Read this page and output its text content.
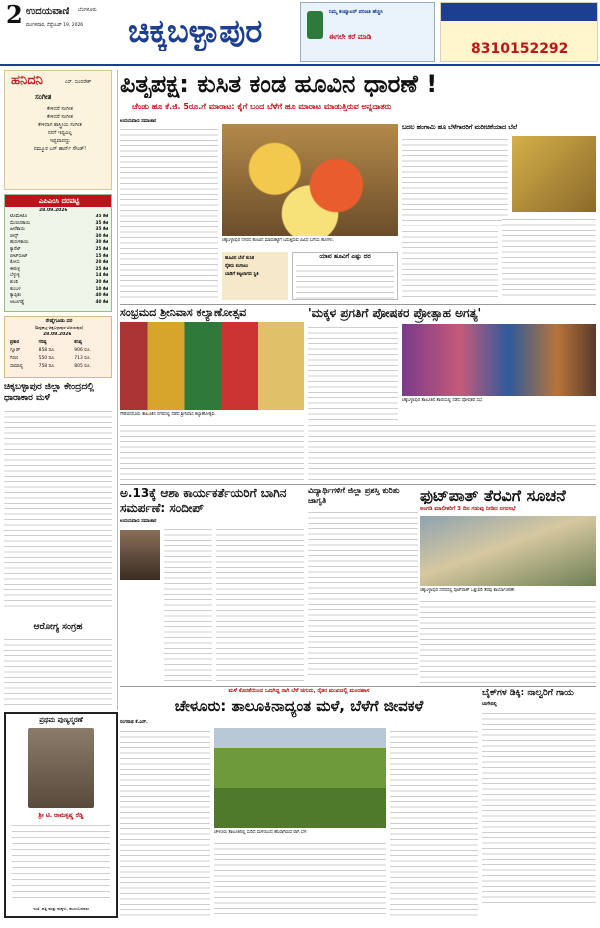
2 ಉದಯವಾಣಿ ಬೆಂಗಳೂರು
ಮಂಗಳವಾರ, ಸೆಪ್ಟೆಂಬರ್ 19, 2026 ಚಿಕ್ಕಬಳ್ಳಾಪುರ	ನಿಮ್ಮ ಕಂಪ್ಯೂಟರ್ ಪರಿಣತಿ ಹೆಚ್ಚಿಸಿ
ಈಗಲೇ ಕರೆ ಮಾಡಿ
8310152292
ಹನಿದನಿ	ಎಸ್. ಸುಂದರೇಶ್
ಸಂಗೀತ
ಕೇಳಿದರೆ ಸಂಗೀತ
ಕೇಳಿದರೆ ಸಂಗೀತ
ಕೇಳಿದಾಗ ಶಾಸ್ತ್ರೀಯ ಸಂಗೀತ
ನನಗೆ ಇಷ್ಟವಿಲ್ಲ
ಇಷ್ಟವಾದದ್ದು
ನಮ್ಮೂರ ಬಸ್ ಹಾರ್ನ್ ಸೌಂಡ್!
ಎಪಿಎಂಸಿ ದರಪಟ್ಟಿ
28.09.2026
ಟೊಮೇಟೊ	35 ಕೆಜಿ
ಮೆಣಸಿನಕಾಯಿ	35 ಕೆಜಿ
ಹೀರೆಕಾಯಿ	35 ಕೆಜಿ
ಬೀನ್ಸ್	30 ಕೆಜಿ
ಹುರುಳಿಕಾಯಿ	30 ಕೆಜಿ
ಕ್ಯಾರೆಟ್	25 ಕೆಜಿ
ಬೀಟ್‌ರೂಟ್	15 ಕೆಜಿ
ಕೋಸು	20 ಕೆಜಿ
ಈರುಳ್ಳಿ	25 ಕೆಜಿ
ಬೆಳ್ಳುಳ್ಳಿ	14 ಕೆಜಿ
ಶುಂಠಿ	30 ಕೆಜಿ
ಕುಂಬಳ	10 ಕೆಜಿ
ಕ್ಯಾಪ್ಸಿಕಂ	40 ಕೆಜಿ
ಆಲೂಗಡ್ಡೆ	40 ಕೆಜಿ
ರೇಷ್ಮೆಗೂಡು ದರ
(ಶಿಡ್ಲಘಟ್ಟ-ಚಿಕ್ಕಬಳ್ಳಾಪುರ-ವಿಜಯಪುರ)
28.09.2026
ಪ್ರಕಾರ	ಗರಿಷ್ಠ	ಕನಿಷ್ಠ
ಗ್ಲೂಡ್	858 ರೂ.	906 ರೂ.
ಗಿರಣಿ	550 ರೂ.	713 ರೂ.
ಸಾಮಾನ್ಯ	758 ರೂ.	805 ರೂ.
ಚಿಕ್ಕಬಳ್ಳಾಪುರ ಜಿಲ್ಲಾ ಕೇಂದ್ರದಲ್ಲಿ ಧಾರಾಕಾರ ಮಳೆ
ಆರೋಗ್ಯ ಸಂಗ್ರಹ
ಪ್ರಥಮ ಪುಣ್ಯಸ್ಮರಣೆ
ಶ್ರೀ ಟಿ. ರಾಮಕೃಷ್ಣ ರೆಡ್ಡಿ
ಇಂತಿ: ಪತ್ನಿ ಮತ್ತು ಮಕ್ಕಳು, ಕುಟುಂಬದವರು
ಪಿತೃಪಕ್ಷ: ಕುಸಿತ ಕಂಡ ಹೂವಿನ ಧಾರಣೆ !
ಚೆಂಡು ಹೂ ಕೆ.ಜಿ. 5ರೂ.ಗೆ ಮಾರಾಟ: ಕೈಗೆ ಬಂದ ಬೆಳೆಗೆ ಹೂ ಮಾರಾಟ ಮಾಡುತ್ತಿರುವ ಅನ್ನದಾತರು
ಉದಯವಾಣಿ ಸಮಾಚಾರ
ಚಿಕ್ಕಬಳ್ಳಾಪುರ ನಗರದ ಹೂವಿನ ಮಾರುಕಟ್ಟೆಗೆ ಬರುತ್ತಿರುವ ವಿವಿಧ ಬಗೆಯ ಹೂಗಳು.
ಹೂವಿನ ಬೆಲೆ ಕುಸಿತ
ರೈತರು ಕಂಗಾಲು
ಬಾಡಿಗೆ ಕಟ್ಟಲಾಗದ ಸ್ಥಿತಿ
ಯಾವ ಹೂವಿಗೆ ಎಷ್ಟು ದರ
ಬದಲ ಹಂಗಾಮಿ ಹೂ ಬೆಳೆಗಾರರಿಗೆ ಮರೀಚಿಕೆಯಾದ ಬೆಲೆ
ಸಂಭ್ರಮದ ಶ್ರೀನಿವಾಸ ಕಲ್ಯಾಣೋತ್ಸವ
ಗೌರಿಬಿದನೂರು ತಾಲೂಕಿನ ನಗರದಲ್ಲಿ ನಡೆದ ಶ್ರೀನಿವಾಸ ಕಲ್ಯಾಣೋತ್ಸವ.
'ಮಕ್ಕಳ ಪ್ರಗತಿಗೆ ಪೋಷಕರ ಪ್ರೋತ್ಸಾಹ ಅಗತ್ಯ'
ಚಿಕ್ಕಬಳ್ಳಾಪುರ ತಾಲೂಕಿನ ಶಾಲೆಯಲ್ಲಿ ನಡೆದ ಪೋಷಕರ ಸಭೆ.
ಅ.13ಕ್ಕೆ ಆಶಾ ಕಾರ್ಯಕರ್ತೆಯರಿಗೆ ಬಾಗಿನ ಸಮರ್ಪಣೆ: ಸಂದೀಪ್
ಉದಯವಾಣಿ ಸಮಾಚಾರ
ವಿದ್ಯಾರ್ಥಿಗಳಿಗೆ ಜಿಲ್ಲಾ ಪ್ರಶಸ್ತಿ ಕುರಿತು ಜಾಗೃತಿ	ಫುಟ್‌ಪಾತ್ ತೆರವಿಗೆ ಸೂಚನೆ
ಅಂಗಡಿ ಮಾಲೀಕರಿಗೆ 3 ದಿನ ಗಡುವು ನೀಡಿದ ನಗರಸಭೆ
ಚಿಕ್ಕಬಳ್ಳಾಪುರ ನಗರದಲ್ಲಿ ಫುಟ್‌ಪಾತ್ ಒತ್ತುವರಿ ತೆರವು ಕಾರ್ಯಾಚರಣೆ.
ಮಳೆ ಕೊರತೆಯಿಂದ ಒಣಗಿದ್ದ ರಾಗಿ ಬೆಳೆ ಚಿಗುರು, ರೈತರ ಮುಖದಲ್ಲಿ ಮಂದಹಾಸ
ಚೇಳೂರು: ತಾಲೂಕಿನಾದ್ಯಂತ ಮಳೆ, ಬೆಳೆಗೆ ಜೀವಕಳೆ
ರಂಗನಾಥ ಕೆ.ಎನ್.
ಚೇಳೂರು ತಾಲೂಕಿನಲ್ಲಿ ಸುರಿದ ಮಳೆಯಿಂದ ಹಸಿರಾಗಿರುವ ರಾಗಿ ಬೆಳೆ.
ಬೈಕ್‌ಗಳ ಡಿಕ್ಕಿ: ನಾಲ್ವರಿಗೆ ಗಾಯ
ಬಾಗೇಪಲ್ಲಿ
